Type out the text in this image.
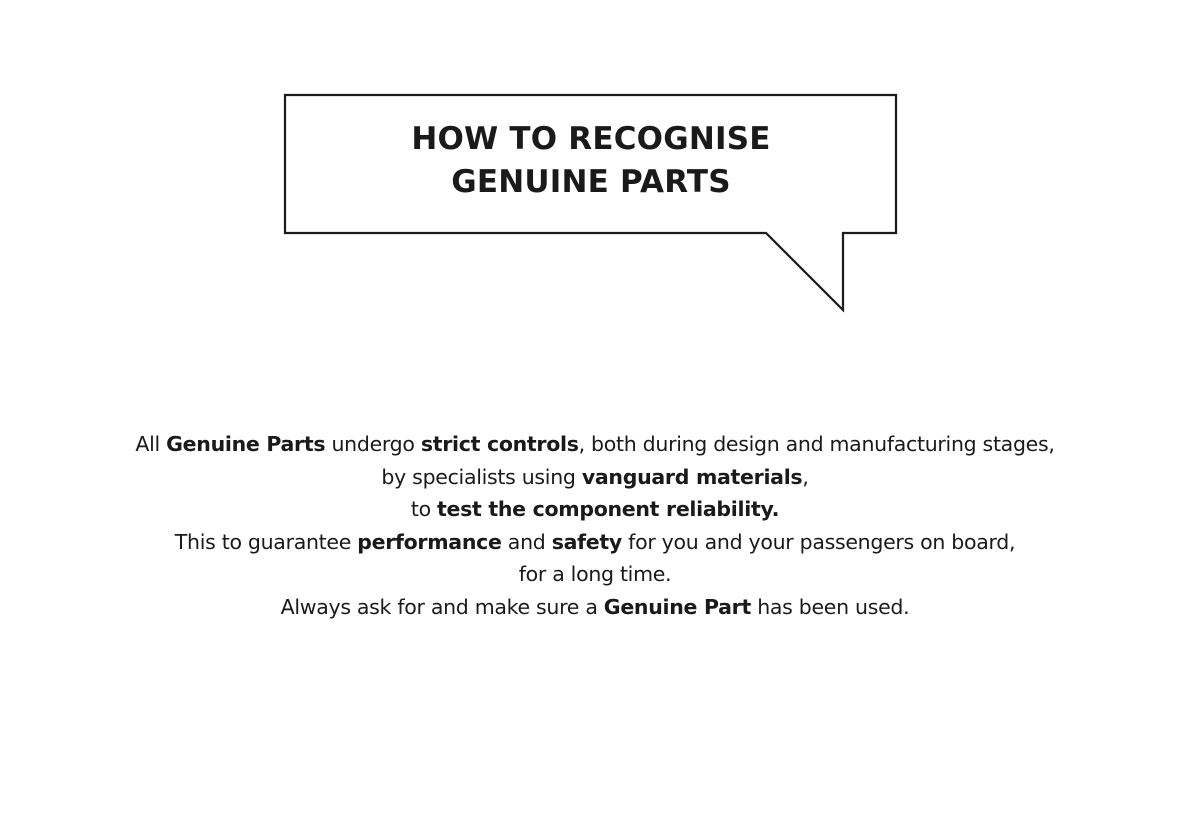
HOW TO RECOGNISE
GENUINE PARTS
All Genuine Parts undergo strict controls, both during design and manufacturing stages,
by specialists using vanguard materials,
to test the component reliability.
This to guarantee performance and safety for you and your passengers on board,
for a long time.
Always ask for and make sure a Genuine Part has been used.
